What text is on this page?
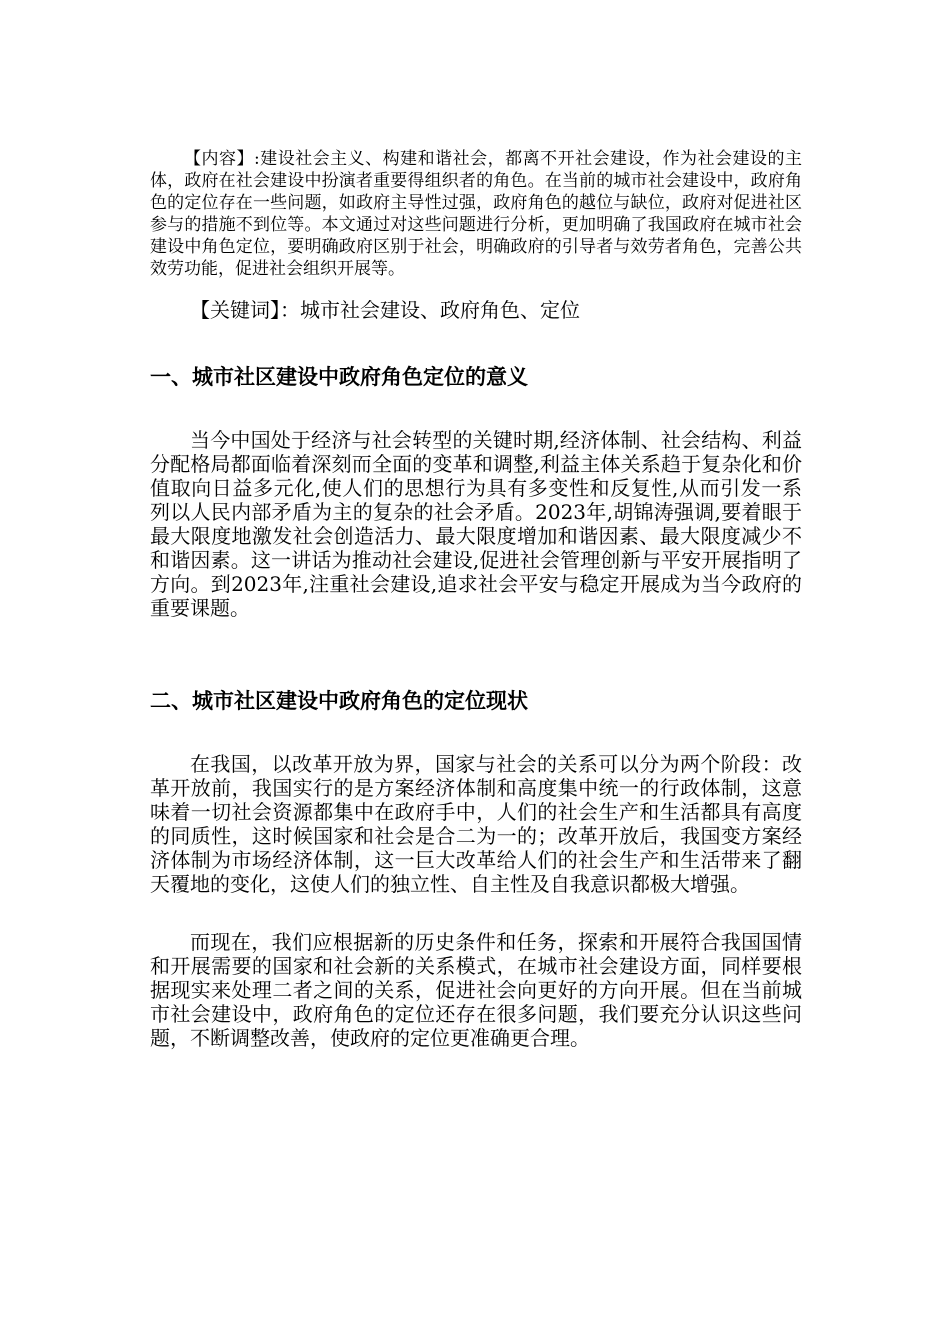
【内容】:建设社会主义、构建和谐社会，都离不开社会建设，作为社会建设的主体，政府在社会建设中扮演者重要得组织者的角色。在当前的城市社会建设中，政府角色的定位存在一些问题，如政府主导性过强，政府角色的越位与缺位，政府对促进社区参与的措施不到位等。本文通过对这些问题进行分析，更加明确了我国政府在城市社会建设中角色定位，要明确政府区别于社会，明确政府的引导者与效劳者角色，完善公共效劳功能，促进社会组织开展等。

【关键词】：城市社会建设、政府角色、定位

一、城市社区建设中政府角色定位的意义

当今中国处于经济与社会转型的关键时期,经济体制、社会结构、利益分配格局都面临着深刻而全面的变革和调整,利益主体关系趋于复杂化和价值取向日益多元化,使人们的思想行为具有多变性和反复性,从而引发一系列以人民内部矛盾为主的复杂的社会矛盾。2023年,胡锦涛强调,要着眼于最大限度地激发社会创造活力、最大限度增加和谐因素、最大限度减少不和谐因素。这一讲话为推动社会建设,促进社会管理创新与平安开展指明了方向。到2023年,注重社会建设,追求社会平安与稳定开展成为当今政府的重要课题。

二、城市社区建设中政府角色的定位现状

在我国，以改革开放为界，国家与社会的关系可以分为两个阶段：改革开放前，我国实行的是方案经济体制和高度集中统一的行政体制，这意味着一切社会资源都集中在政府手中，人们的社会生产和生活都具有高度的同质性，这时候国家和社会是合二为一的；改革开放后，我国变方案经济体制为市场经济体制，这一巨大改革给人们的社会生产和生活带来了翻天覆地的变化，这使人们的独立性、自主性及自我意识都极大增强。

而现在，我们应根据新的历史条件和任务，探索和开展符合我国国情和开展需要的国家和社会新的关系模式，在城市社会建设方面，同样要根据现实来处理二者之间的关系，促进社会向更好的方向开展。但在当前城市社会建设中，政府角色的定位还存在很多问题，我们要充分认识这些问题，不断调整改善，使政府的定位更准确更合理。
